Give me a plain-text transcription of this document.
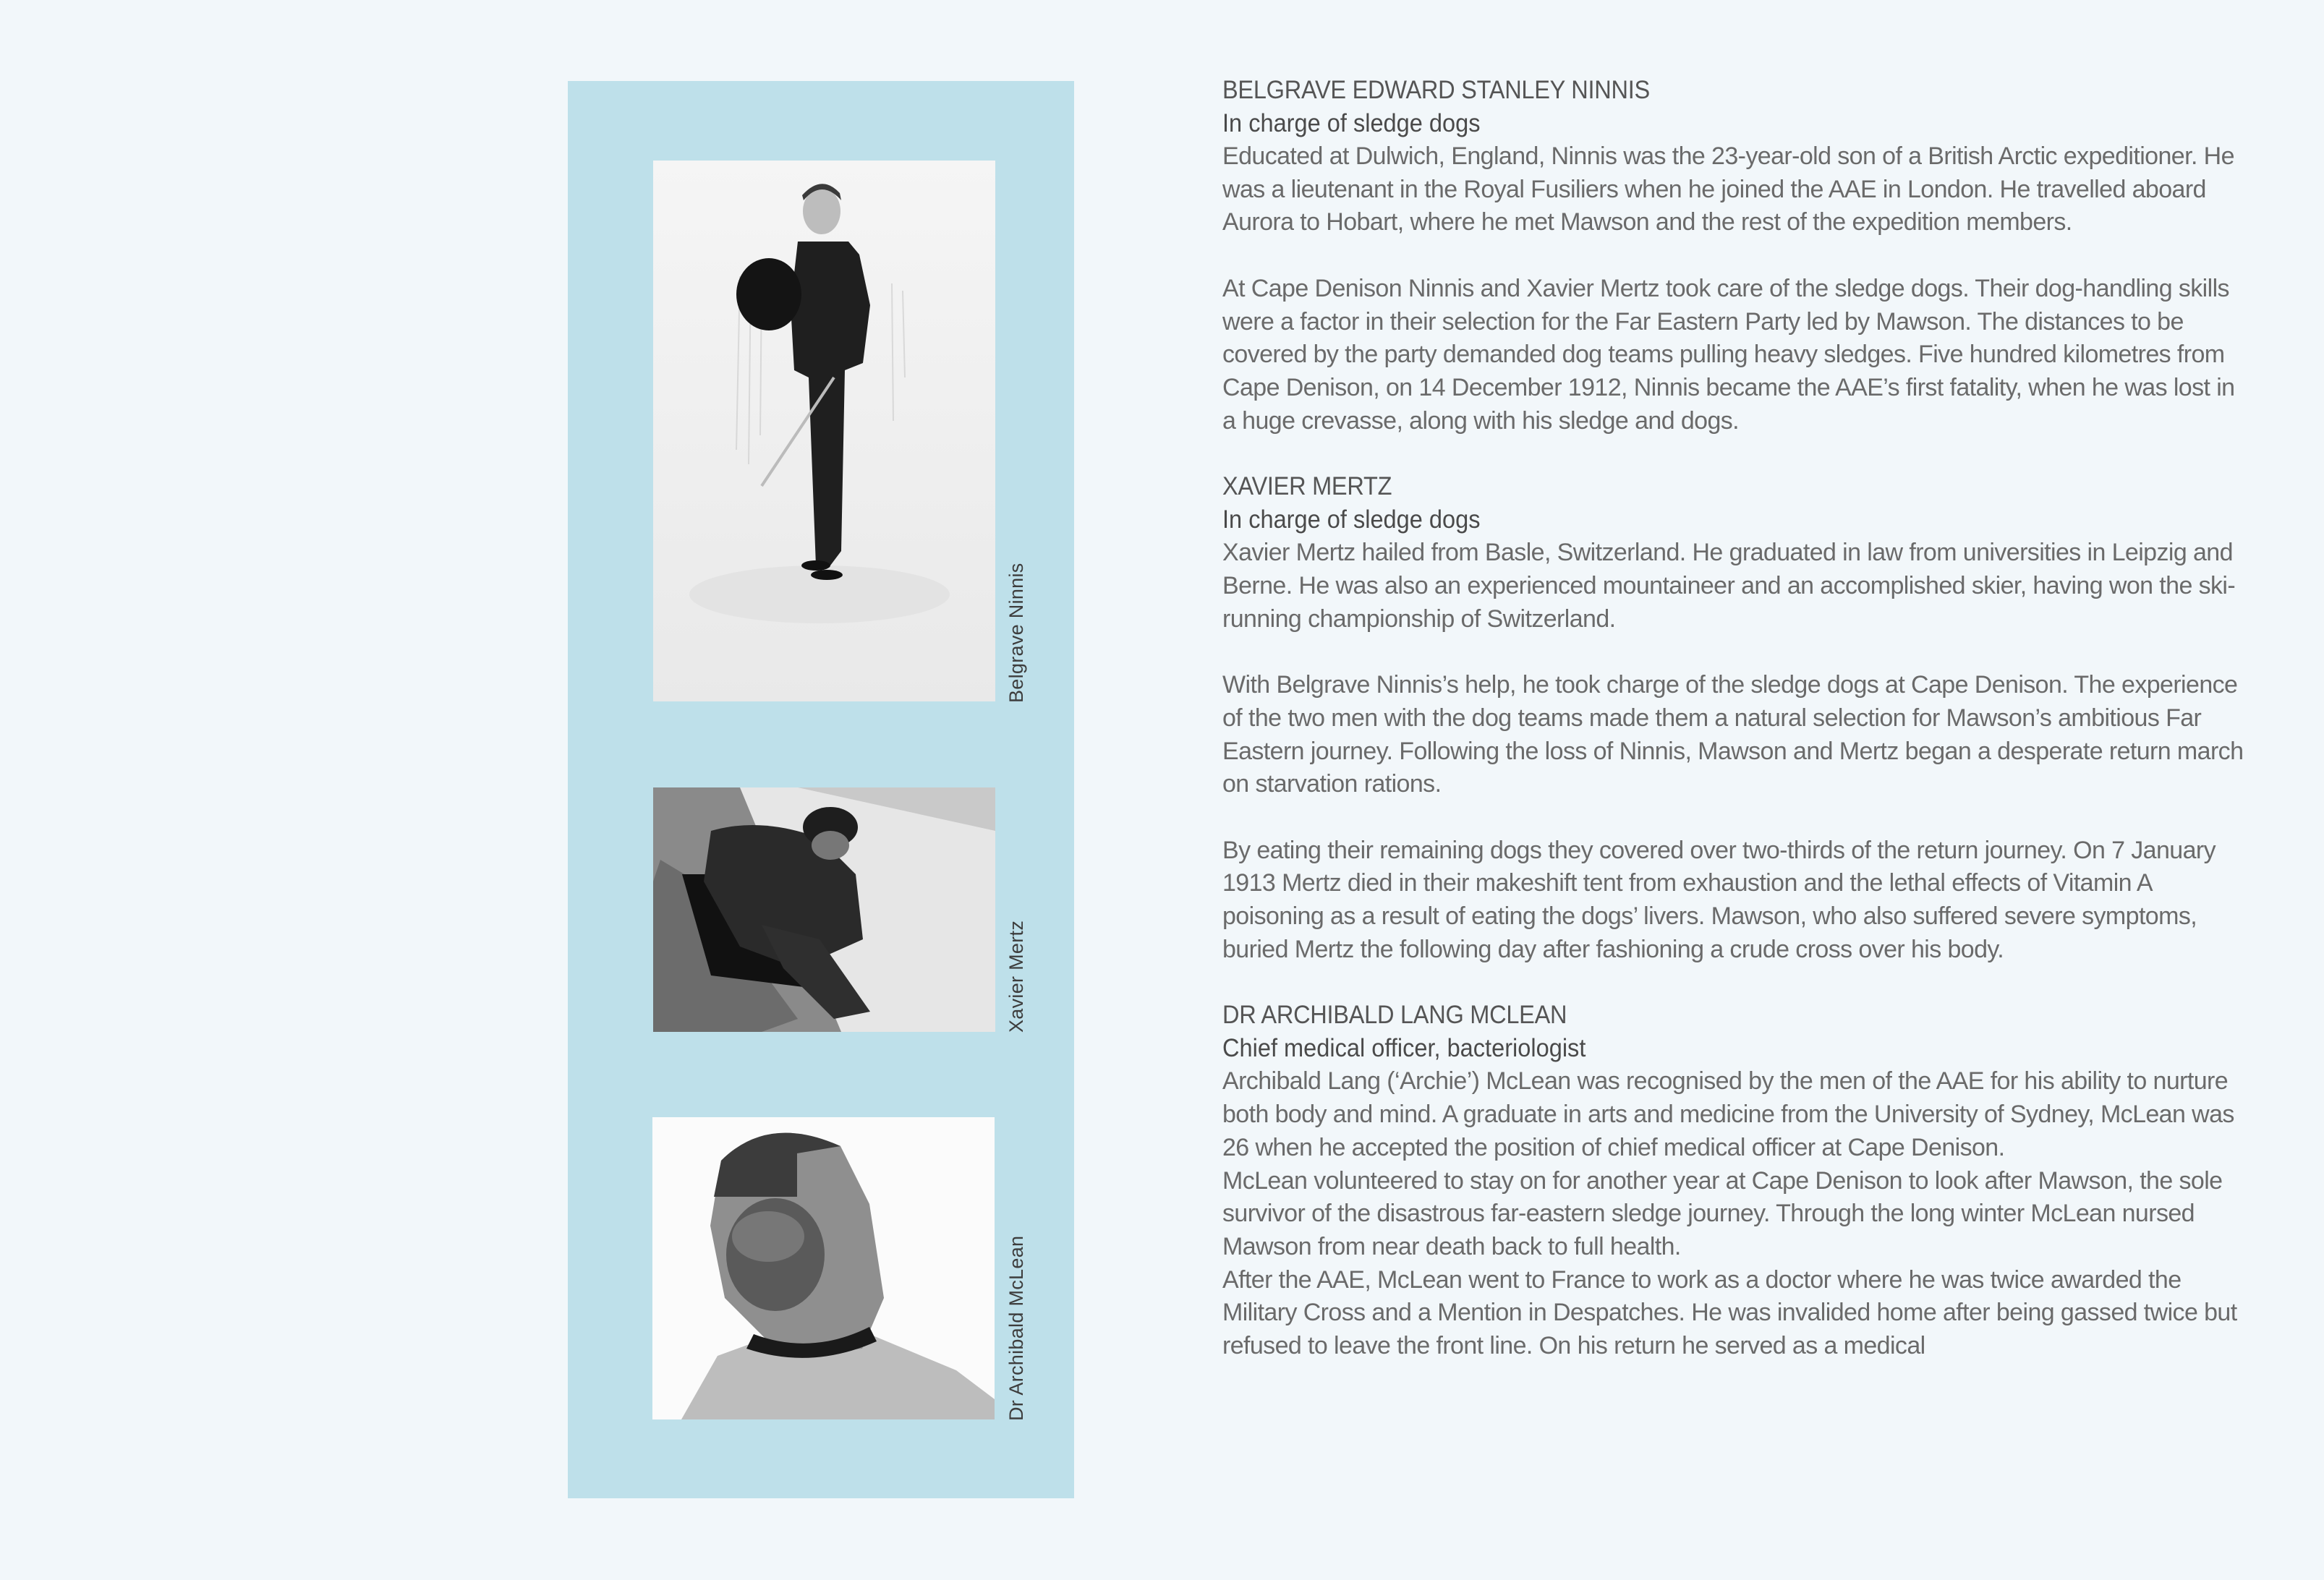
Belgrave Ninnis
Xavier Mertz
Dr Archibald McLean
BELGRAVE EDWARD STANLEY NINNIS
In charge of sledge dogs

Educated at Dulwich, England, Ninnis was the 23-year-old son of a British Arctic expeditioner. He was a lieutenant in the Royal Fusiliers when he joined the AAE in London. He travelled aboard Aurora to Hobart, where he met Mawson and the rest of the expedition members.

At Cape Denison Ninnis and Xavier Mertz took care of the sledge dogs. Their dog-handling skills were a factor in their selection for the Far Eastern Party led by Mawson. The distances to be covered by the party demanded dog teams pulling heavy sledges. Five hundred kilometres from Cape Denison, on 14 December 1912, Ninnis became the AAE’s first fatality, when he was lost in a huge crevasse, along with his sledge and dogs.

XAVIER MERTZ
In charge of sledge dogs

Xavier Mertz hailed from Basle, Switzerland. He graduated in law from universities in Leipzig and Berne. He was also an experienced mountaineer and an accomplished skier, having won the ski-running championship of Switzerland.

With Belgrave Ninnis’s help, he took charge of the sledge dogs at Cape Denison. The experience of the two men with the dog teams made them a natural selection for Mawson’s ambitious Far Eastern journey. Following the loss of Ninnis, Mawson and Mertz began a desperate return march on starvation rations.

By eating their remaining dogs they covered over two-thirds of the return journey. On 7 January 1913 Mertz died in their makeshift tent from exhaustion and the lethal effects of Vitamin A poisoning as a result of eating the dogs’ livers. Mawson, who also suffered severe symptoms, buried Mertz the following day after fashioning a crude cross over his body.

DR ARCHIBALD LANG MCLEAN
Chief medical officer, bacteriologist

Archibald Lang (‘Archie’) McLean was recognised by the men of the AAE for his ability to nurture both body and mind. A graduate in arts and medicine from the University of Sydney, McLean was 26 when he accepted the position of chief medical officer at Cape Denison.

McLean volunteered to stay on for another year at Cape Denison to look after Mawson, the sole survivor of the disastrous far-eastern sledge journey. Through the long winter McLean nursed Mawson from near death back to full health.

After the AAE, McLean went to France to work as a doctor where he was twice awarded the Military Cross and a Mention in Despatches. He was invalided home after being gassed twice but refused to leave the front line. On his return he served as a medical
